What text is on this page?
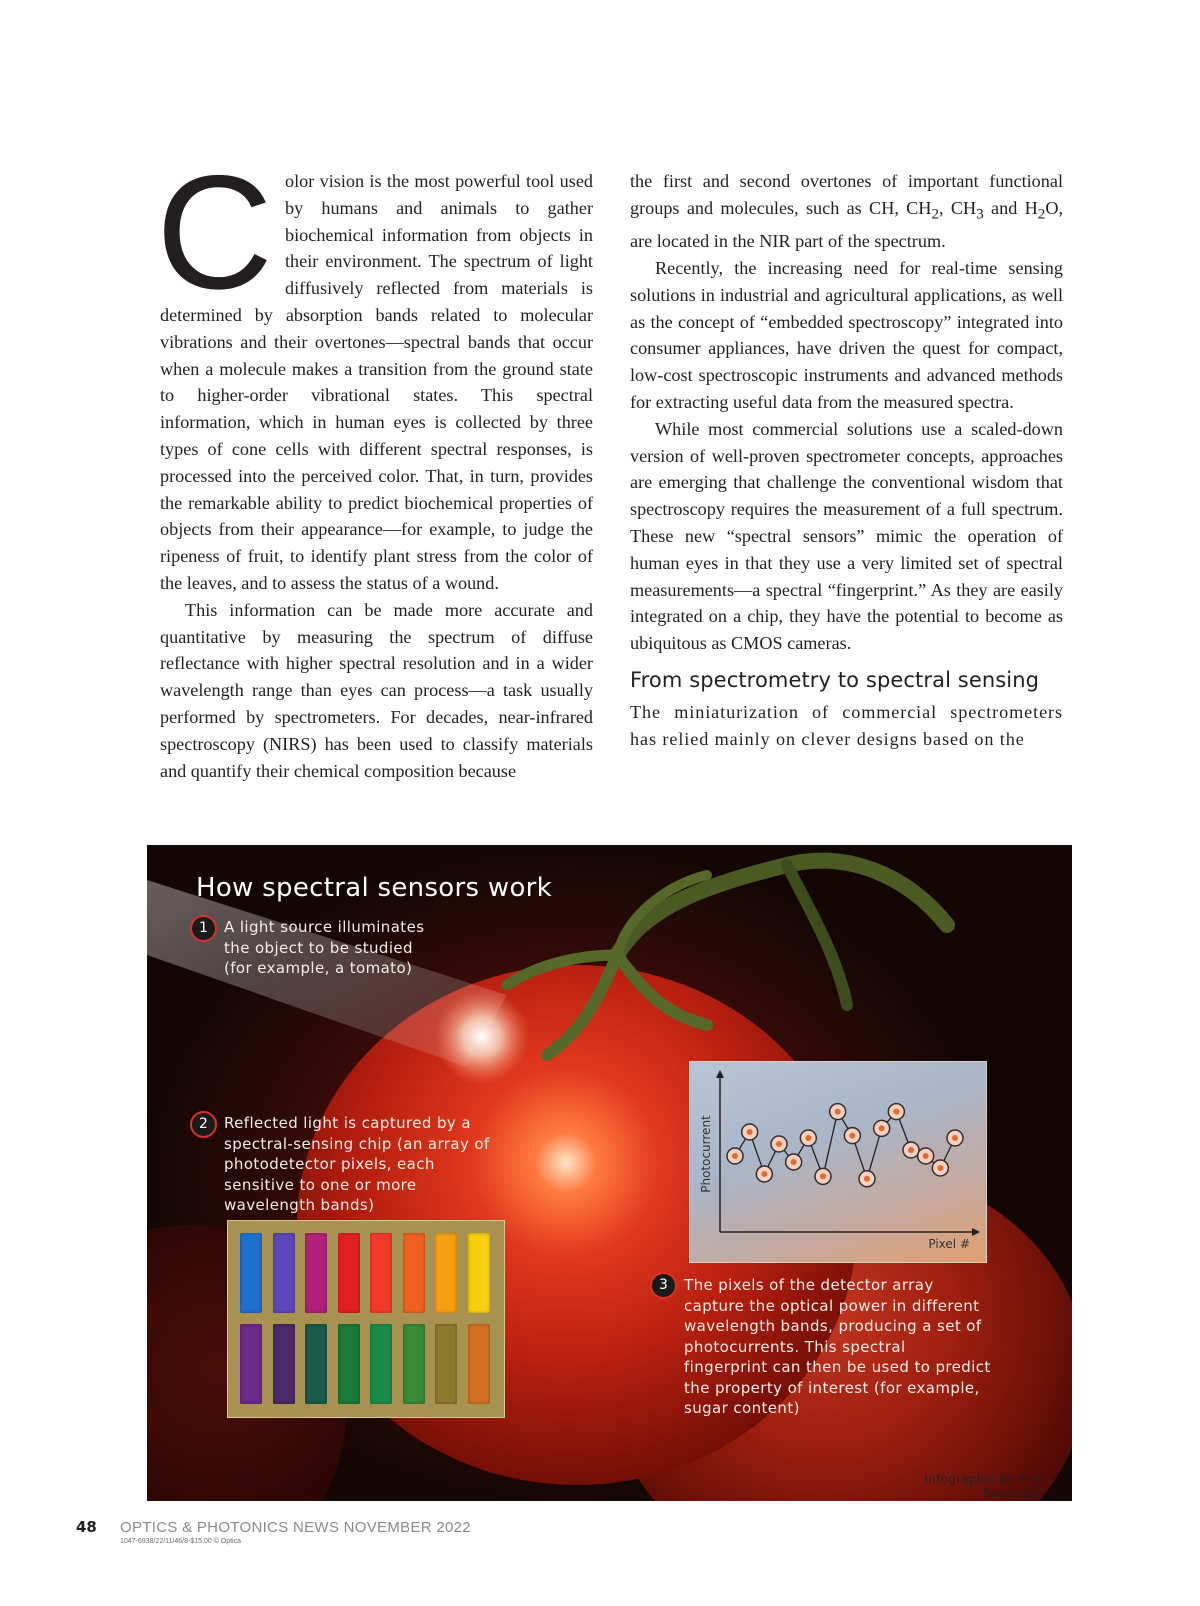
Color vision is the most powerful tool used by humans and animals to gather biochemical information from objects in their environment. The spectrum of light diffusively reflected from materials is determined by absorption bands related to molecular vibrations and their overtones—spectral bands that occur when a molecule makes a transition from the ground state to higher-order vibrational states. This spectral information, which in human eyes is collected by three types of cone cells with different spectral responses, is processed into the perceived color. That, in turn, provides the remarkable ability to predict biochemical properties of objects from their appearance—for example, to judge the ripeness of fruit, to identify plant stress from the color of the leaves, and to assess the status of a wound.

This information can be made more accurate and quantitative by measuring the spectrum of diffuse reflectance with higher spectral resolution and in a wider wavelength range than eyes can process—a task usually performed by spectrometers. For decades, near-infrared spectroscopy (NIRS) has been used to classify materials and quantify their chemical composition because

the first and second overtones of important functional groups and molecules, such as CH, $CH_2$, $CH_3$ and $H_2O$, are located in the NIR part of the spectrum.

Recently, the increasing need for real-time sensing solutions in industrial and agricultural applications, as well as the concept of “embedded spectroscopy” integrated into consumer appliances, have driven the quest for compact, low-cost spectroscopic instruments and advanced methods for extracting useful data from the measured spectra.

While most commercial solutions use a scaled-down version of well-proven spectrometer concepts, approaches are emerging that challenge the conventional wisdom that spectroscopy requires the measurement of a full spectrum. These new “spectral sensors” mimic the operation of human eyes in that they use a very limited set of spectral measurements—a spectral “fingerprint.” As they are easily integrated on a chip, they have the potential to become as ubiquitous as CMOS cameras.

From spectrometry to spectral sensing

The miniaturization of commercial spectrometers has relied mainly on clever designs based on the

How spectral sensors work
1	A light source illuminates the object to be studied (for example, a tomato)
2	Reflected light is captured by a spectral-sensing chip (an array of photodetector pixels, each sensitive to one or more wavelength bands)
Photocurrent
Pixel #
3	The pixels of the detector array capture the optical power in different wavelength bands, producing a set of photocurrents. This spectral fingerprint can then be used to predict the property of interest (for example, sugar content)
Infographic by Phil Saunders
48 OPTICS & PHOTONICS NEWS NOVEMBER 2022
1047-6938/22/11/46/8-$15.00 © Optica
